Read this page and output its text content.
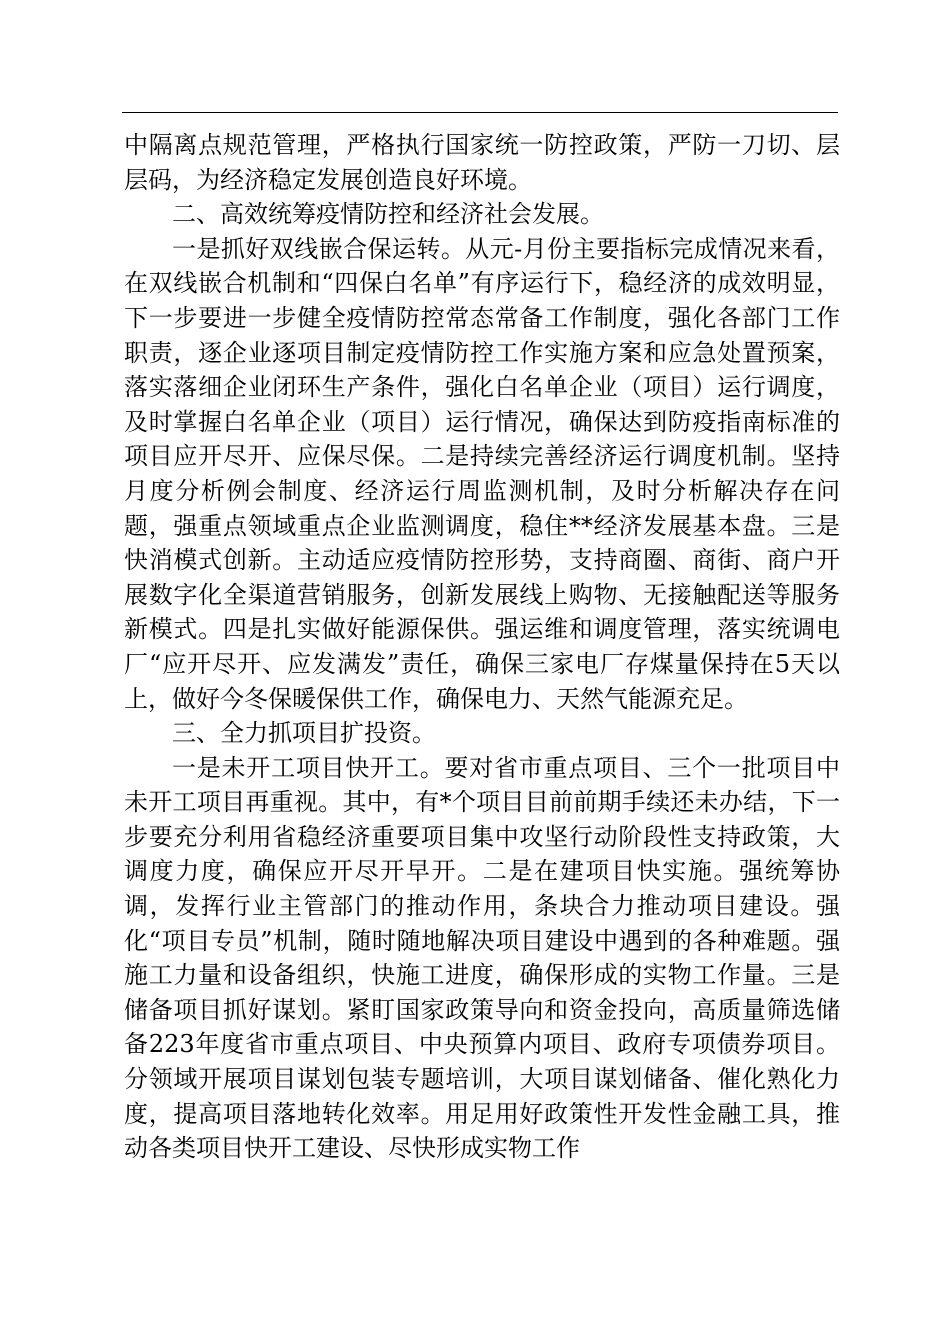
中隔离点规范管理，严格执行国家统一防控政策，严防一刀切、层层码，为经济稳定发展创造良好环境。

二、高效统筹疫情防控和经济社会发展。

一是抓好双线嵌合保运转。从元-月份主要指标完成情况来看，在双线嵌合机制和“四保白名单”有序运行下，稳经济的成效明显，下一步要进一步健全疫情防控常态常备工作制度，强化各部门工作职责，逐企业逐项目制定疫情防控工作实施方案和应急处置预案，落实落细企业闭环生产条件，强化白名单企业（项目）运行调度，及时掌握白名单企业（项目）运行情况，确保达到防疫指南标准的项目应开尽开、应保尽保。二是持续完善经济运行调度机制。坚持月度分析例会制度、经济运行周监测机制，及时分析解决存在问题，强重点领域重点企业监测调度，稳住**经济发展基本盘。三是快消模式创新。主动适应疫情防控形势，支持商圈、商街、商户开展数字化全渠道营销服务，创新发展线上购物、无接触配送等服务新模式。四是扎实做好能源保供。强运维和调度管理，落实统调电厂“应开尽开、应发满发”责任，确保三家电厂存煤量保持在5天以上，做好今冬保暖保供工作，确保电力、天然气能源充足。

三、全力抓项目扩投资。

一是未开工项目快开工。要对省市重点项目、三个一批项目中未开工项目再重视。其中，有*个项目目前前期手续还未办结，下一步要充分利用省稳经济重要项目集中攻坚行动阶段性支持政策，大调度力度，确保应开尽开早开。二是在建项目快实施。强统筹协调，发挥行业主管部门的推动作用，条块合力推动项目建设。强化“项目专员”机制，随时随地解决项目建设中遇到的各种难题。强施工力量和设备组织，快施工进度，确保形成的实物工作量。三是储备项目抓好谋划。紧盯国家政策导向和资金投向，高质量筛选储备223年度省市重点项目、中央预算内项目、政府专项债券项目。分领域开展项目谋划包装专题培训，大项目谋划储备、催化熟化力度，提高项目落地转化效率。用足用好政策性开发性金融工具，推动各类项目快开工建设、尽快形成实物工作
